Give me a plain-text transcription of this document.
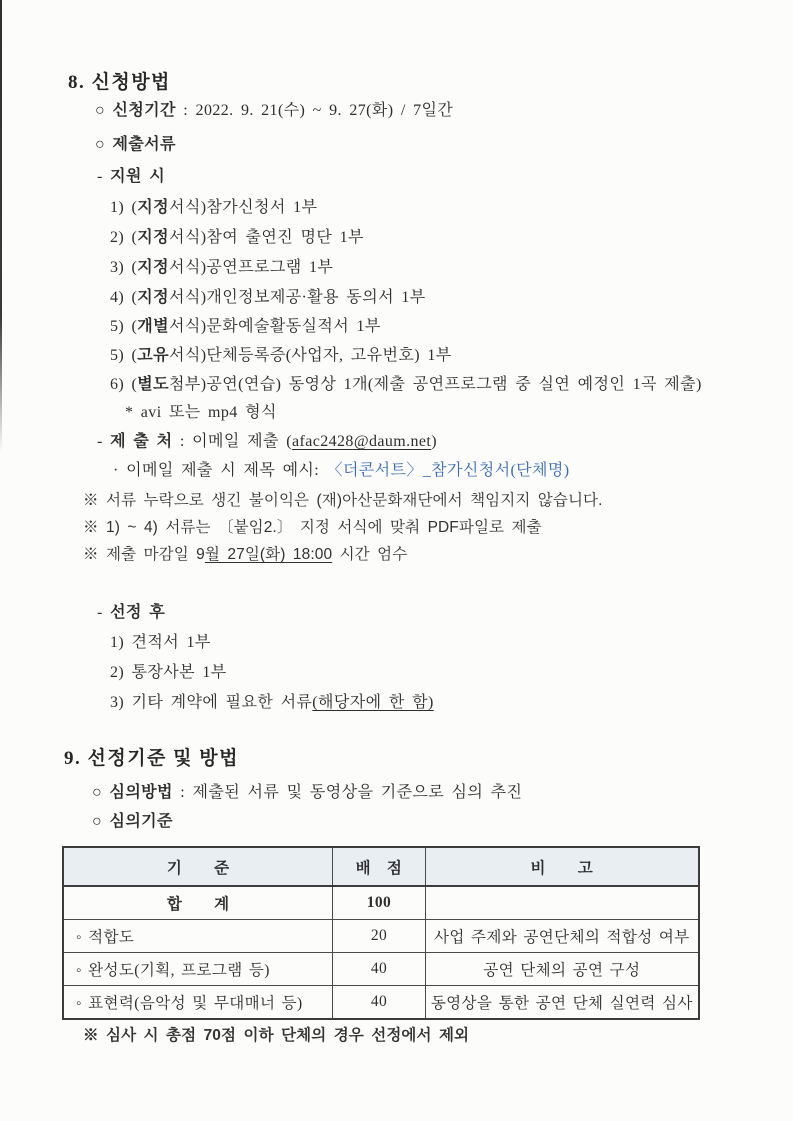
8. 신청방법
○ 신청기간 : 2022. 9. 21(수) ~ 9. 27(화) / 7일간
○ 제출서류
- 지원 시
1) (지정서식)참가신청서 1부
2) (지정서식)참여 출연진 명단 1부
3) (지정서식)공연프로그램 1부
4) (지정서식)개인정보제공·활용 동의서 1부
5) (개별서식)문화예술활동실적서 1부
5) (고유서식)단체등록증(사업자, 고유번호) 1부
6) (별도첨부)공연(연습) 동영상 1개(제출 공연프로그램 중 실연 예정인 1곡 제출)
* avi 또는 mp4 형식
- 제 출 처 : 이메일 제출 (afac2428@daum.net)
· 이메일 제출 시 제목 예시: 〈더콘서트〉_참가신청서(단체명)
※ 서류 누락으로 생긴 불이익은 (재)아산문화재단에서 책임지지 않습니다.
※ 1) ~ 4) 서류는 〔붙임2.〕 지정 서식에 맞춰 PDF파일로 제출
※ 제출 마감일 9월 27일(화) 18:00 시간 엄수
- 선정 후
1) 견적서 1부
2) 통장사본 1부
3) 기타 계약에 필요한 서류(해당자에 한 함)
9. 선정기준 및 방법
○ 심의방법 : 제출된 서류 및 동영상을 기준으로 심의 추진
○ 심의기준
기　　준	배　점	비　　고
합　　계	100	
◦ 적합도	20	사업 주제와 공연단체의 적합성 여부
◦ 완성도(기획, 프로그램 등)	40	공연 단체의 공연 구성
◦ 표현력(음악성 및 무대매너 등)	40	동영상을 통한 공연 단체 실연력 심사
※ 심사 시 총점 70점 이하 단체의 경우 선정에서 제외
